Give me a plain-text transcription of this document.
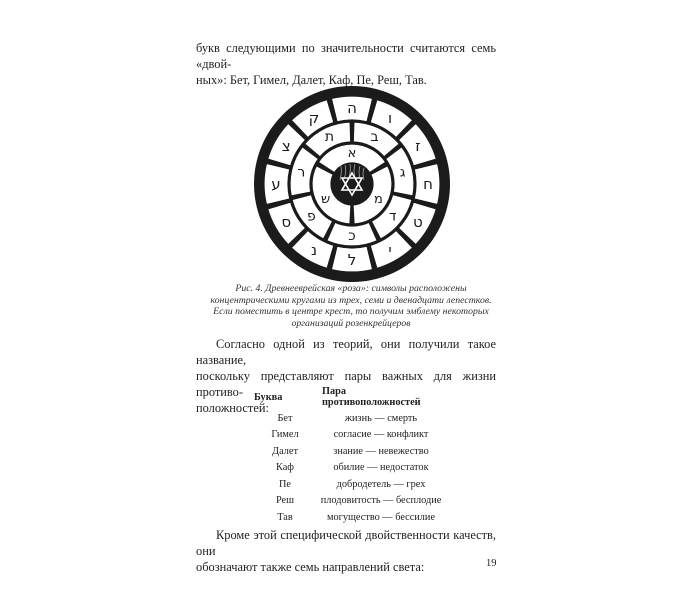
букв следующими по значительности считаются семь «двой-
ных»: Бет, Гимел, Далет, Каф, Пе, Реш, Тав.

ה
ו
ז
ח
ט
י
ל
נ
ס
ע
צ
ק
ב
ג
ד
כ
פ
ר
ת
א
מ
ש

Рис. 4. Древнееврейская «роза»: символы расположены
концентрическими кругами из трех, семи и двенадцати лепестков.
Если поместить в центре крест, то получим эмблему некоторых
организаций розенкрейцеров

Согласно одной из теорий, они получили такое название,
поскольку представляют пары важных для жизни противо-
положностей:

Буква	Пара противоположностей
Бет	жизнь — смерть
Гимел	согласие — конфликт
Далет	знание — невежество
Каф	обилие — недостаток
Пе	добродетель — грех
Реш	плодовитость — бесплодие
Тав	могущество — бессилие

Кроме этой специфической двойственности качеств, они
обозначают также семь направлений света:	19
